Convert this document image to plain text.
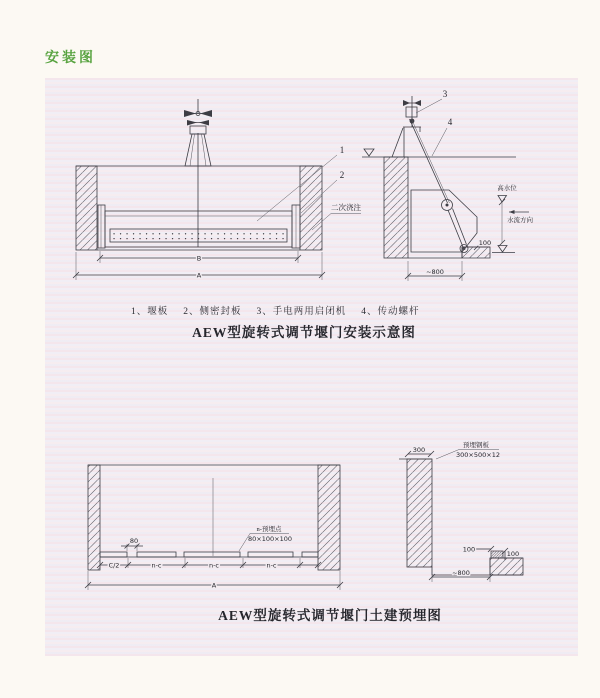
安装图
1
2
二次浇注
B
A
3
4
高水位
水流方向
100
~800
80
n-预埋点
80×100×100
C/2	n-c	n-c	n-c
A
300
预埋钢板
300×500×12
100
100
~800
1、堰板 2、侧密封板 3、手电两用启闭机 4、传动螺杆
AEW型旋转式调节堰门安装示意图
AEW型旋转式调节堰门土建预埋图
